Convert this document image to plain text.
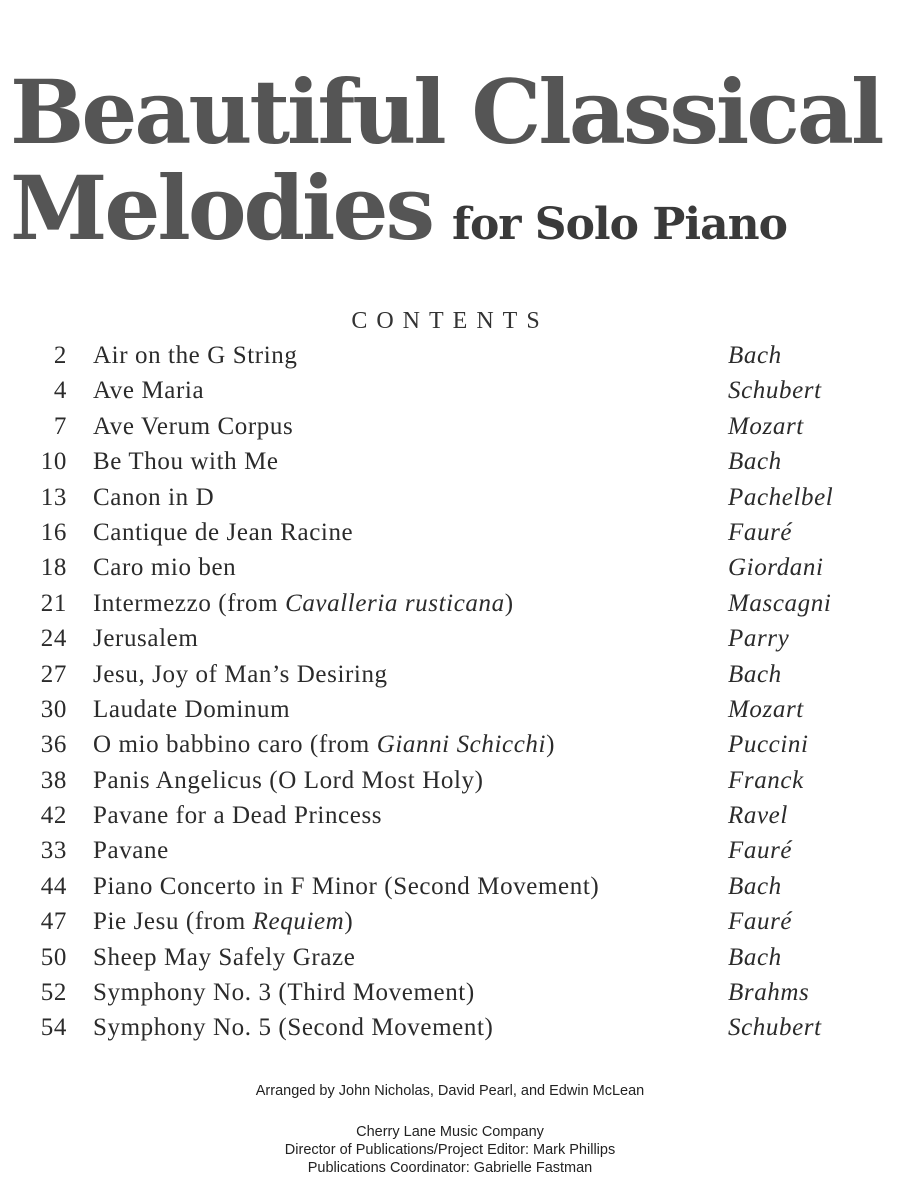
Beautiful Classical
Melodies for Solo Piano
CONTENTS
2 Air on the G String	Bach
4 Ave Maria	Schubert
7 Ave Verum Corpus	Mozart
10 Be Thou with Me	Bach
13 Canon in D	Pachelbel
16 Cantique de Jean Racine	Fauré
18 Caro mio ben	Giordani
21 Intermezzo (from Cavalleria rusticana)	Mascagni
24 Jerusalem	Parry
27 Jesu, Joy of Man’s Desiring	Bach
30 Laudate Dominum	Mozart
36 O mio babbino caro (from Gianni Schicchi)	Puccini
38 Panis Angelicus (O Lord Most Holy)	Franck
42 Pavane for a Dead Princess	Ravel
33 Pavane	Fauré
44 Piano Concerto in F Minor (Second Movement)	Bach
47 Pie Jesu (from Requiem)	Fauré
50 Sheep May Safely Graze	Bach
52 Symphony No. 3 (Third Movement)	Brahms
54 Symphony No. 5 (Second Movement)	Schubert
Arranged by John Nicholas, David Pearl, and Edwin McLean
Cherry Lane Music Company
Director of Publications/Project Editor: Mark Phillips
Publications Coordinator: Gabrielle Fastman
